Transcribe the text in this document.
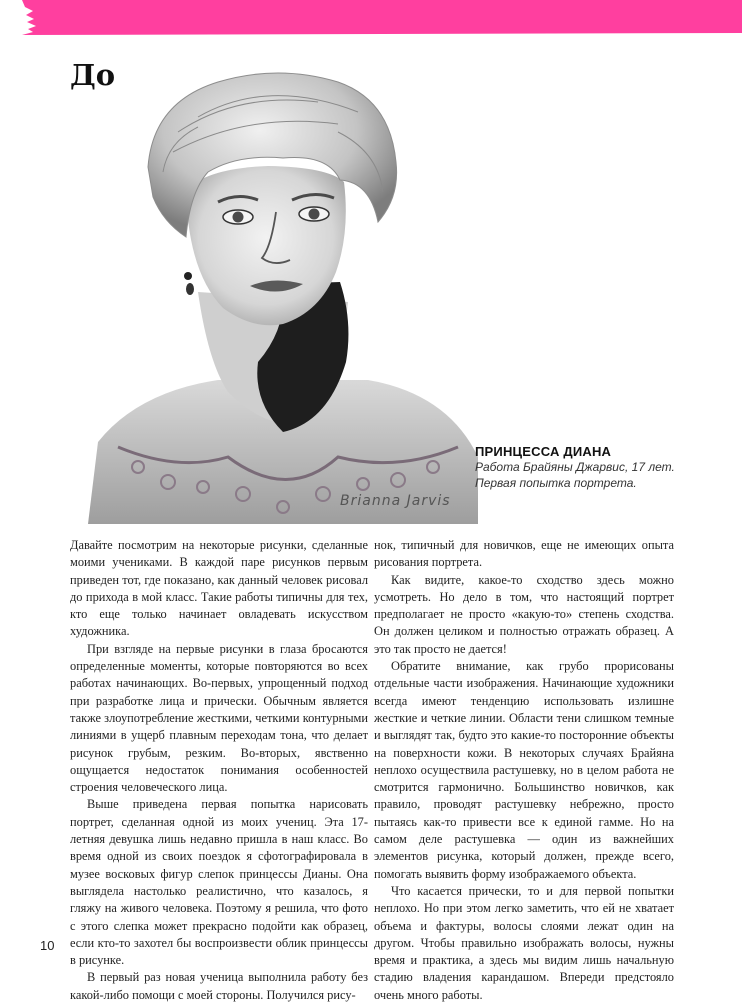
До
Brianna Jarvis
ПРИНЦЕССА ДИАНА
Работа Брайяны Джарвис, 17 лет.
Первая попытка портрета.

Давайте посмотрим на некоторые рисунки, сделанные моими учениками. В каждой паре рисунков первым приведен тот, где показано, как данный человек рисовал до прихода в мой класс. Такие работы типичны для тех, кто еще только начинает овладевать искусством художника.

При взгляде на первые рисунки в глаза бросаются определенные моменты, которые повторяются во всех работах начинающих. Во-первых, упрощенный подход при разработке лица и прически. Обычным является также злоупотребление жесткими, четкими контурными линиями в ущерб плавным переходам тона, что делает рисунок грубым, резким. Во-вторых, явственно ощущается недостаток понимания особенностей строения человеческого лица.

Выше приведена первая попытка нарисовать портрет, сделанная одной из моих учениц. Эта 17-летняя девушка лишь недавно пришла в наш класс. Во время одной из своих поездок я сфотографировала в музее восковых фигур слепок принцессы Дианы. Она выглядела настолько реалистично, что казалось, я гляжу на живого человека. Поэтому я решила, что фото с этого слепка может прекрасно подойти как образец, если кто-то захотел бы воспроизвести облик принцессы в рисунке.

В первый раз новая ученица выполнила работу без какой-либо помощи с моей стороны. Получился рису-

нок, типичный для новичков, еще не имеющих опыта рисования портрета.

Как видите, какое-то сходство здесь можно усмотреть. Но дело в том, что настоящий портрет предполагает не просто «какую-то» степень сходства. Он должен целиком и полностью отражать образец. А это так просто не дается!

Обратите внимание, как грубо прорисованы отдельные части изображения. Начинающие художники всегда имеют тенденцию использовать излишне жесткие и четкие линии. Области тени слишком темные и выглядят так, будто это какие-то посторонние объекты на поверхности кожи. В некоторых случаях Брайяна неплохо осуществила растушевку, но в целом работа не смотрится гармонично. Большинство новичков, как правило, проводят растушевку небрежно, просто пытаясь как-то привести все к единой гамме. Но на самом деле растушевка — один из важнейших элементов рисунка, который должен, прежде всего, помогать выявить форму изображаемого объекта.

Что касается прически, то и для первой попытки неплохо. Но при этом легко заметить, что ей не хватает объема и фактуры, волосы слоями лежат один на другом. Чтобы правильно изображать волосы, нужны время и практика, а здесь мы видим лишь начальную стадию владения карандашом. Впереди предстояло очень много работы.

10
